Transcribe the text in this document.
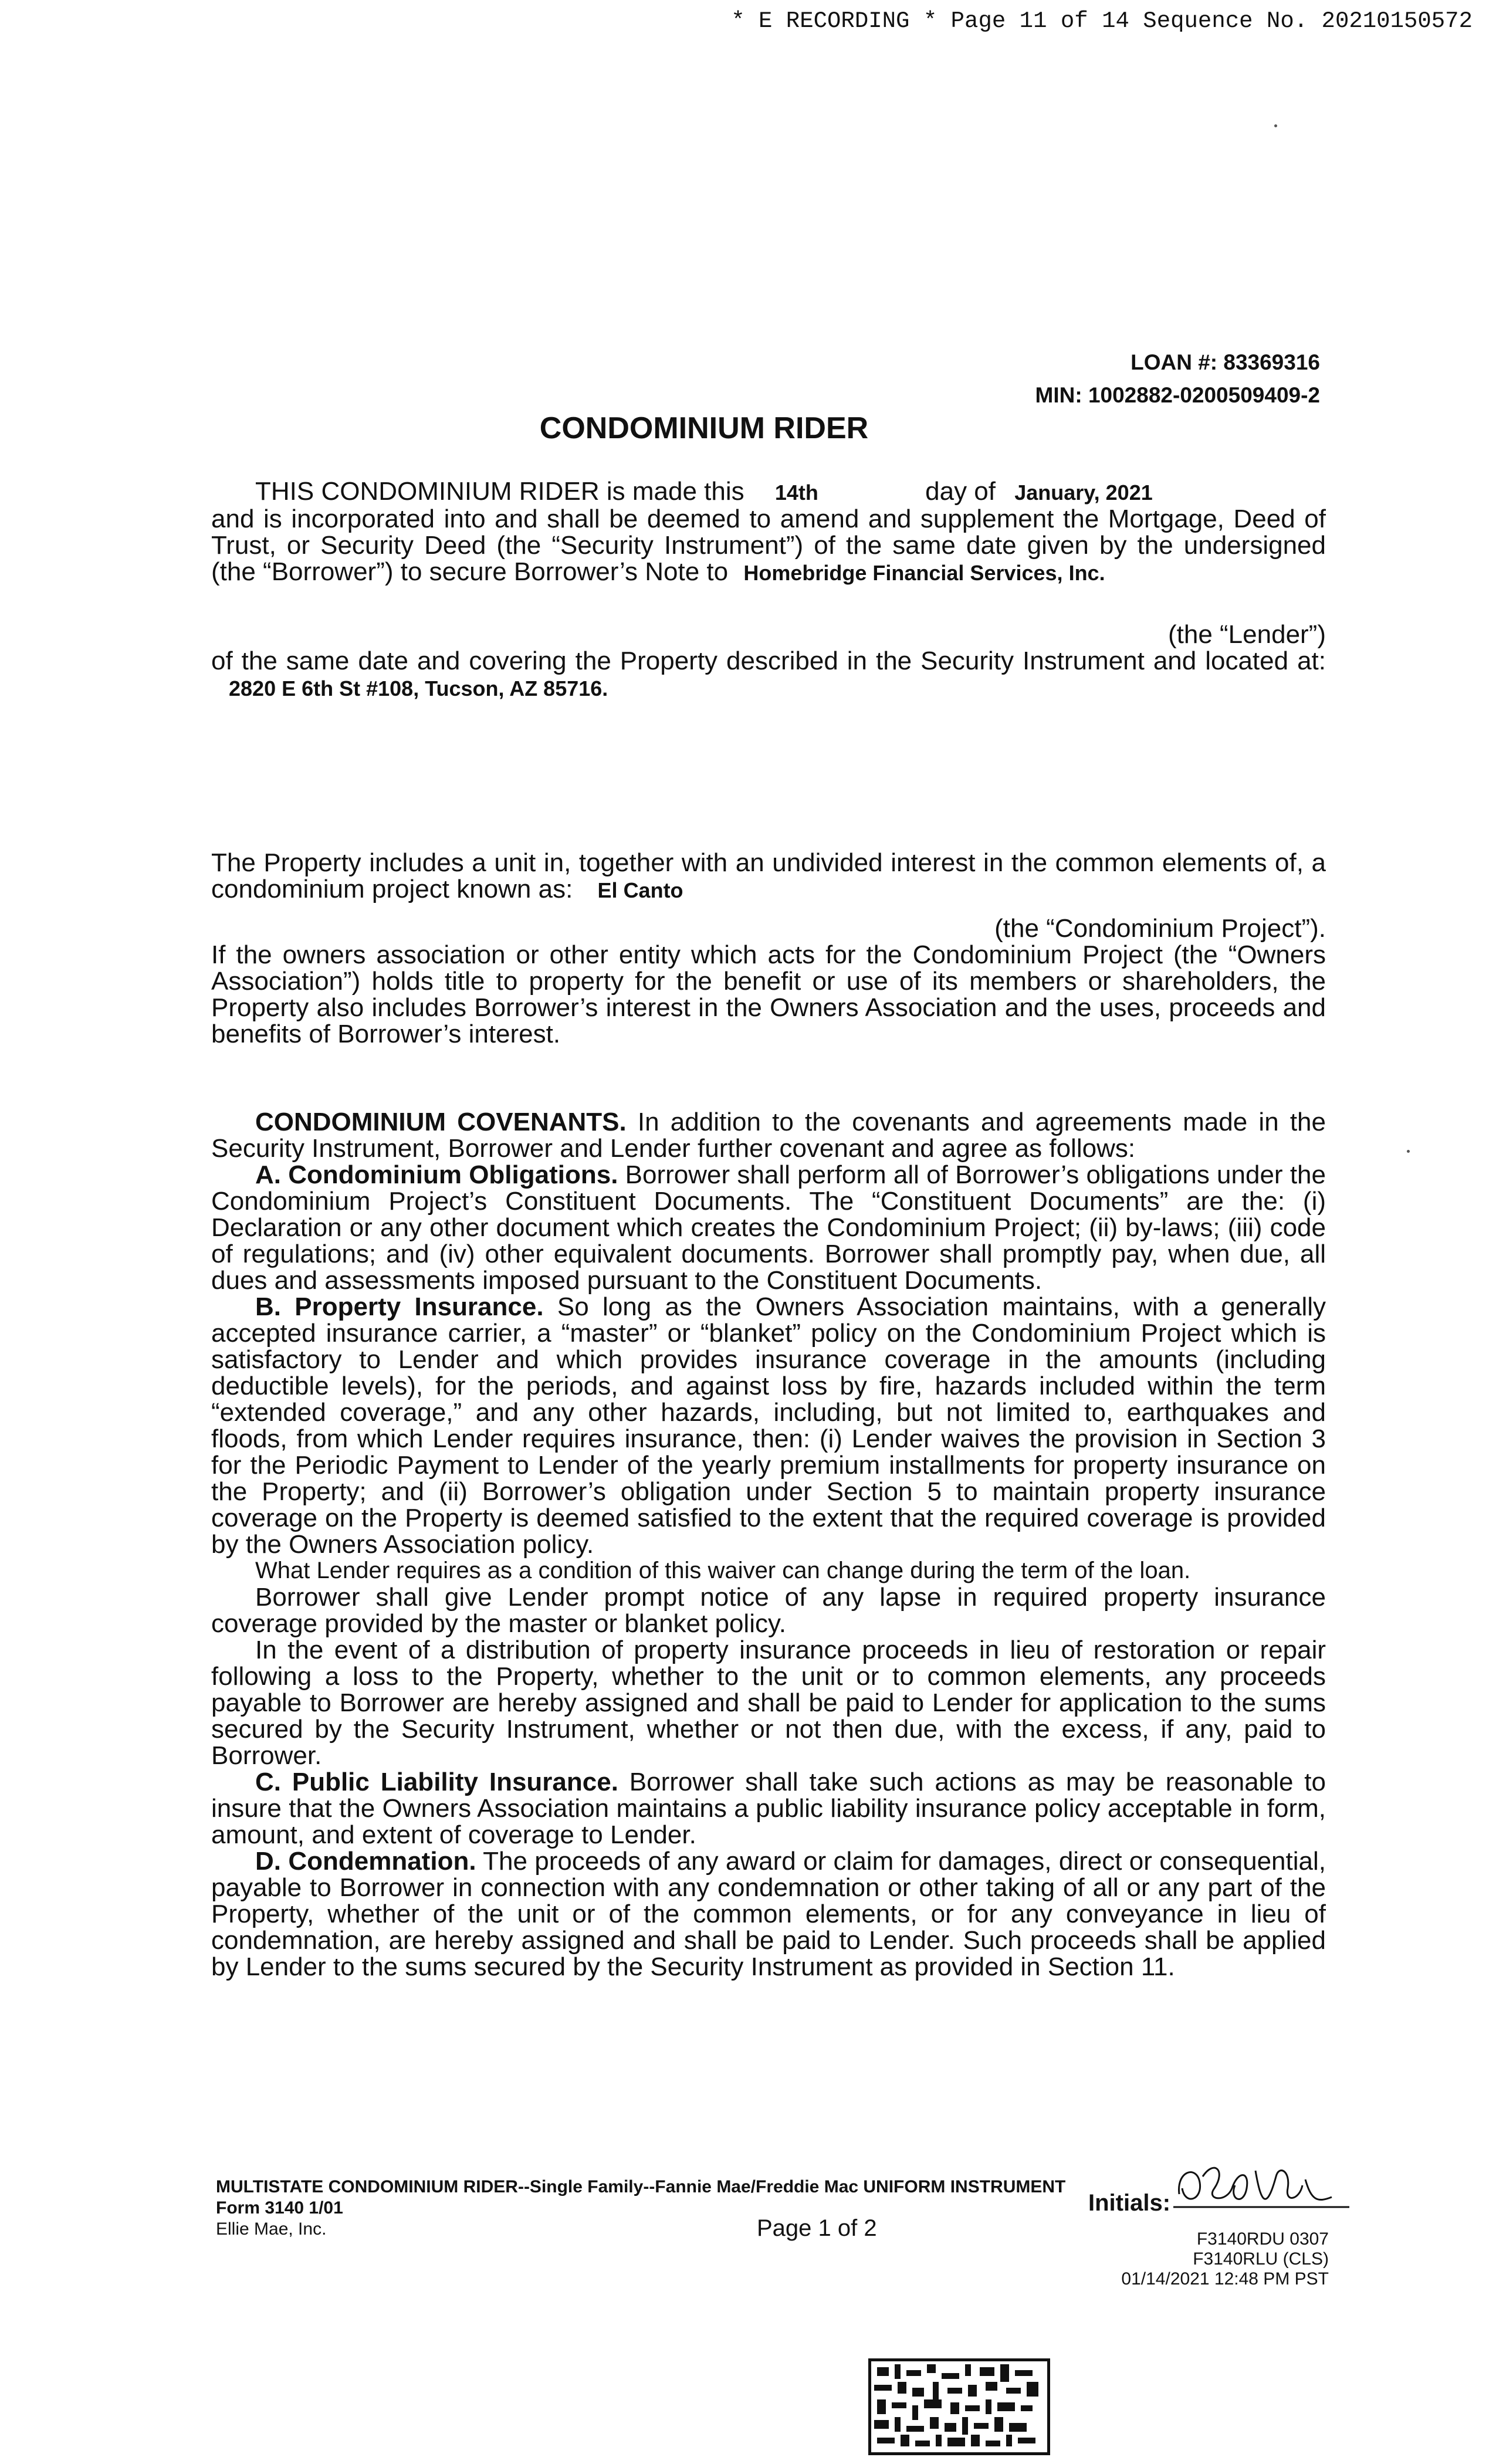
* E RECORDING * Page 11 of 14 Sequence No. 20210150572
LOAN #: 83369316
MIN: 1002882-0200509409-2
CONDOMINIUM RIDER

THIS CONDOMINIUM RIDER is made this 14th	day of January, 2021

and is incorporated into and shall be deemed to amend and supplement the Mortgage, Deed of Trust, or Security Deed (the “Security Instrument”) of the same date given by the undersigned (the “Borrower”) to secure Borrower’s Note to Homebridge Financial Services, Inc.

(the “Lender”)

of the same date and covering the Property described in the Security Instrument and located at: 2820 E 6th St #108, Tucson, AZ 85716.

The Property includes a unit in, together with an undivided interest in the common elements of, a condominium project known as: El Canto

(the “Condominium Project”).

If the owners association or other entity which acts for the Condominium Project (the “Owners Association”) holds title to property for the benefit or use of its members or shareholders, the Property also includes Borrower’s interest in the Owners Association and the uses, proceeds and benefits of Borrower’s interest.

CONDOMINIUM COVENANTS. In addition to the covenants and agreements made in the Security Instrument, Borrower and Lender further covenant and agree as follows:

A. Condominium Obligations. Borrower shall perform all of Borrower’s obligations under the Condominium Project’s Constituent Documents. The “Constituent Documents” are the: (i) Declaration or any other document which creates the Condominium Project; (ii) by-laws; (iii) code of regulations; and (iv) other equivalent documents. Borrower shall promptly pay, when due, all dues and assessments imposed pursuant to the Constituent Documents.

B. Property Insurance. So long as the Owners Association maintains, with a generally accepted insurance carrier, a “master” or “blanket” policy on the Condominium Project which is satisfactory to Lender and which provides insurance coverage in the amounts (including deductible levels), for the periods, and against loss by fire, hazards included within the term “extended coverage,” and any other hazards, including, but not limited to, earthquakes and floods, from which Lender requires insurance, then: (i) Lender waives the provision in Section 3 for the Periodic Payment to Lender of the yearly premium installments for property insurance on the Property; and (ii) Borrower’s obligation under Section 5 to maintain property insurance coverage on the Property is deemed satisfied to the extent that the required coverage is provided by the Owners Association policy.

What Lender requires as a condition of this waiver can change during the term of the loan.

Borrower shall give Lender prompt notice of any lapse in required property insurance coverage provided by the master or blanket policy.

In the event of a distribution of property insurance proceeds in lieu of restoration or repair following a loss to the Property, whether to the unit or to common elements, any proceeds payable to Borrower are hereby assigned and shall be paid to Lender for application to the sums secured by the Security Instrument, whether or not then due, with the excess, if any, paid to Borrower.

C. Public Liability Insurance. Borrower shall take such actions as may be reasonable to insure that the Owners Association maintains a public liability insurance policy acceptable in form, amount, and extent of coverage to Lender.

D. Condemnation. The proceeds of any award or claim for damages, direct or consequential, payable to Borrower in connection with any condemnation or other taking of all or any part of the Property, whether of the unit or of the common elements, or for any conveyance in lieu of condemnation, are hereby assigned and shall be paid to Lender. Such proceeds shall be applied by Lender to the sums secured by the Security Instrument as provided in Section 11.

MULTISTATE CONDOMINIUM RIDER--Single Family--Fannie Mae/Freddie Mac UNIFORM INSTRUMENT
Form 3140 1/01
Ellie Mae, Inc.	Page 1 of 2
Initials:
F3140RDU 0307
F3140RLU (CLS)
01/14/2021 12:48 PM PST
